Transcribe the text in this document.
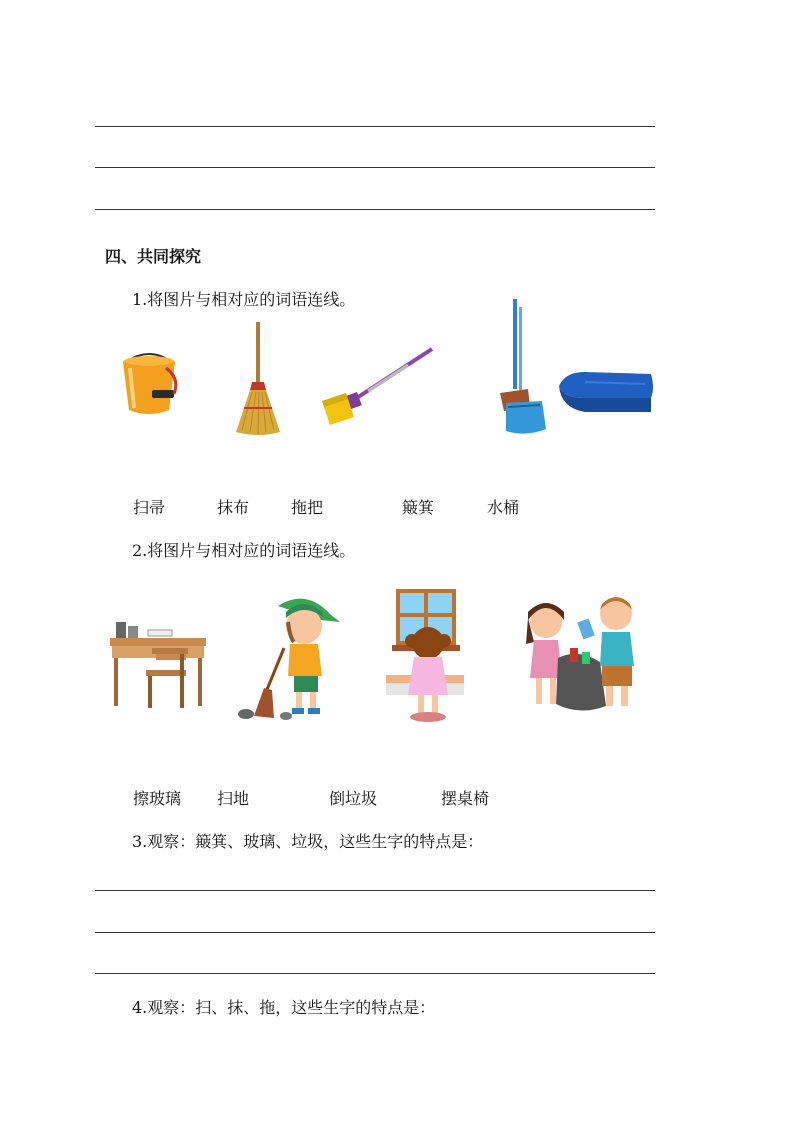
四、共同探究
1.将图片与相对应的词语连线。
扫帚	抹布	拖把	簸箕	水桶
2.将图片与相对应的词语连线。
擦玻璃 扫地	倒垃圾	摆桌椅
3.观察：簸箕、玻璃、垃圾，这些生字的特点是：
4.观察：扫、抹、拖，这些生字的特点是：
